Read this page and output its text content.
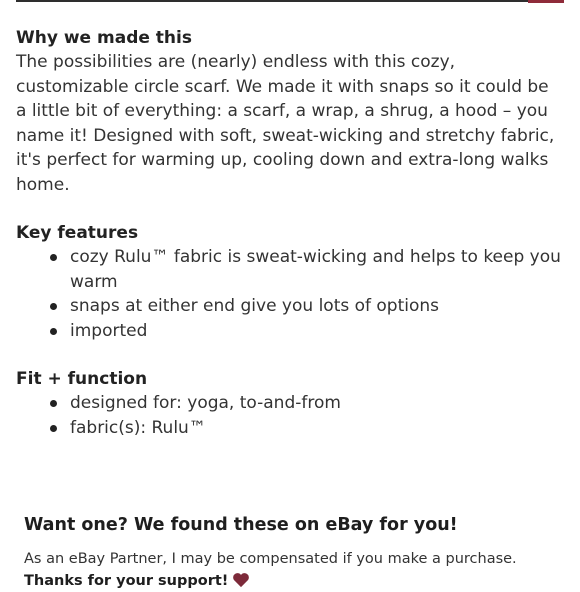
Why we made this

The possibilities are (nearly) endless with this cozy, customizable circle scarf. We made it with snaps so it could be a little bit of everything: a scarf, a wrap, a shrug, a hood – you name it! Designed with soft, sweat-wicking and stretchy fabric, it's perfect for warming up, cooling down and extra-long walks home.

Key features
cozy Rulu™ fabric is sweat-wicking and helps to keep you warm
snaps at either end give you lots of options
imported
Fit + function
designed for: yoga, to-and-from
fabric(s): Rulu™
Want one? We found these on eBay for you!

As an eBay Partner, I may be compensated if you make a purchase. Thanks for your support!
